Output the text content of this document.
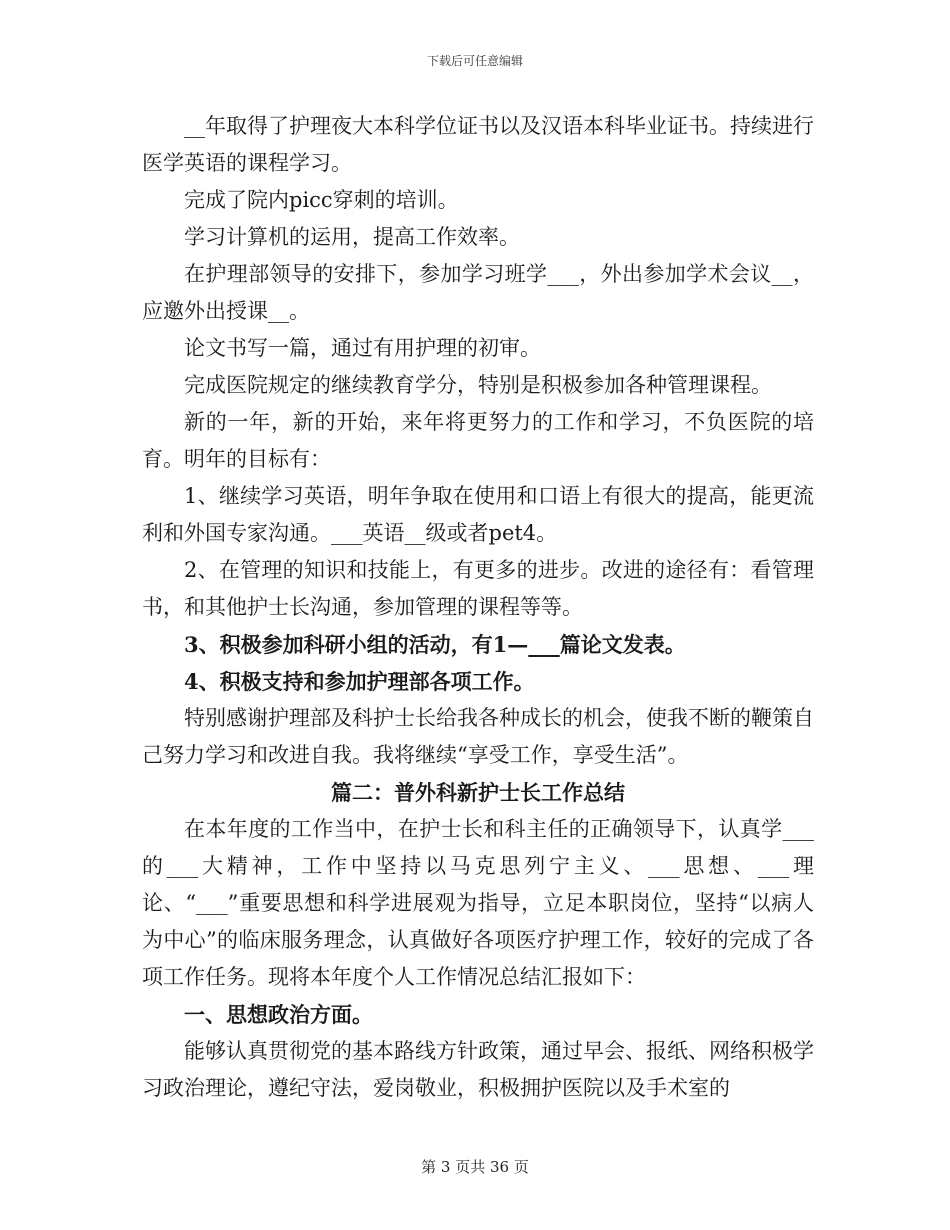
下载后可任意编辑

__年取得了护理夜大本科学位证书以及汉语本科毕业证书。持续进行医学英语的课程学习。

完成了院内picc穿刺的培训。

学习计算机的运用，提高工作效率。

在护理部领导的安排下，参加学习班学___，外出参加学术会议__，应邀外出授课__。

论文书写一篇，通过有用护理的初审。

完成医院规定的继续教育学分，特别是积极参加各种管理课程。

新的一年，新的开始，来年将更努力的工作和学习，不负医院的培育。明年的目标有：

1、继续学习英语，明年争取在使用和口语上有很大的提高，能更流利和外国专家沟通。___英语__级或者pet4。

2、在管理的知识和技能上，有更多的进步。改进的途径有：看管理书，和其他护士长沟通，参加管理的课程等等。

3、积极参加科研小组的活动，有1—___篇论文发表。

4、积极支持和参加护理部各项工作。

特别感谢护理部及科护士长给我各种成长的机会，使我不断的鞭策自己努力学习和改进自我。我将继续“享受工作，享受生活”。

篇二：普外科新护士长工作总结

在本年度的工作当中，在护士长和科主任的正确领导下，认真学___的___大精神，工作中坚持以马克思列宁主义、___思想、___理论、“___”重要思想和科学进展观为指导，立足本职岗位，坚持“以病人为中心”的临床服务理念，认真做好各项医疗护理工作，较好的完成了各项工作任务。现将本年度个人工作情况总结汇报如下：

一、思想政治方面。

能够认真贯彻党的基本路线方针政策，通过早会、报纸、网络积极学习政治理论，遵纪守法，爱岗敬业，积极拥护医院以及手术室的

第 3 页共 36 页
